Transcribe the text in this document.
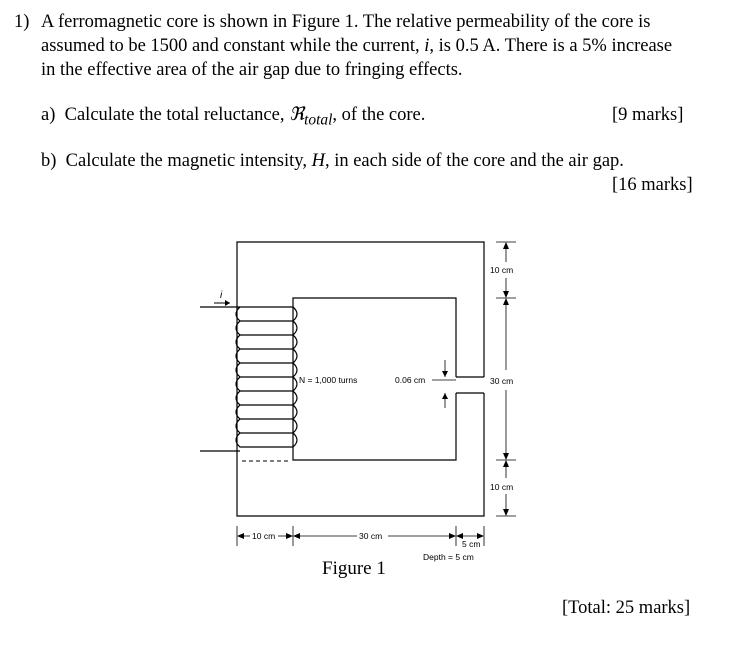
1) A ferromagnetic core is shown in Figure 1. The relative permeability of the core is
assumed to be 1500 and constant while the current, i, is 0.5 A. There is a 5% increase
in the effective area of the air gap due to fringing effects.
a) Calculate the total reluctance, ℜ$_{total}$, of the core.	[9 marks]
b) Calculate the magnetic intensity, H, in each side of the core and the air gap.
[16 marks]
i
N = 1,000 turns	0.06 cm
10 cm
30 cm
10 cm
10 cm	30 cm
5 cm
Depth = 5 cm
Figure 1
[Total: 25 marks]
